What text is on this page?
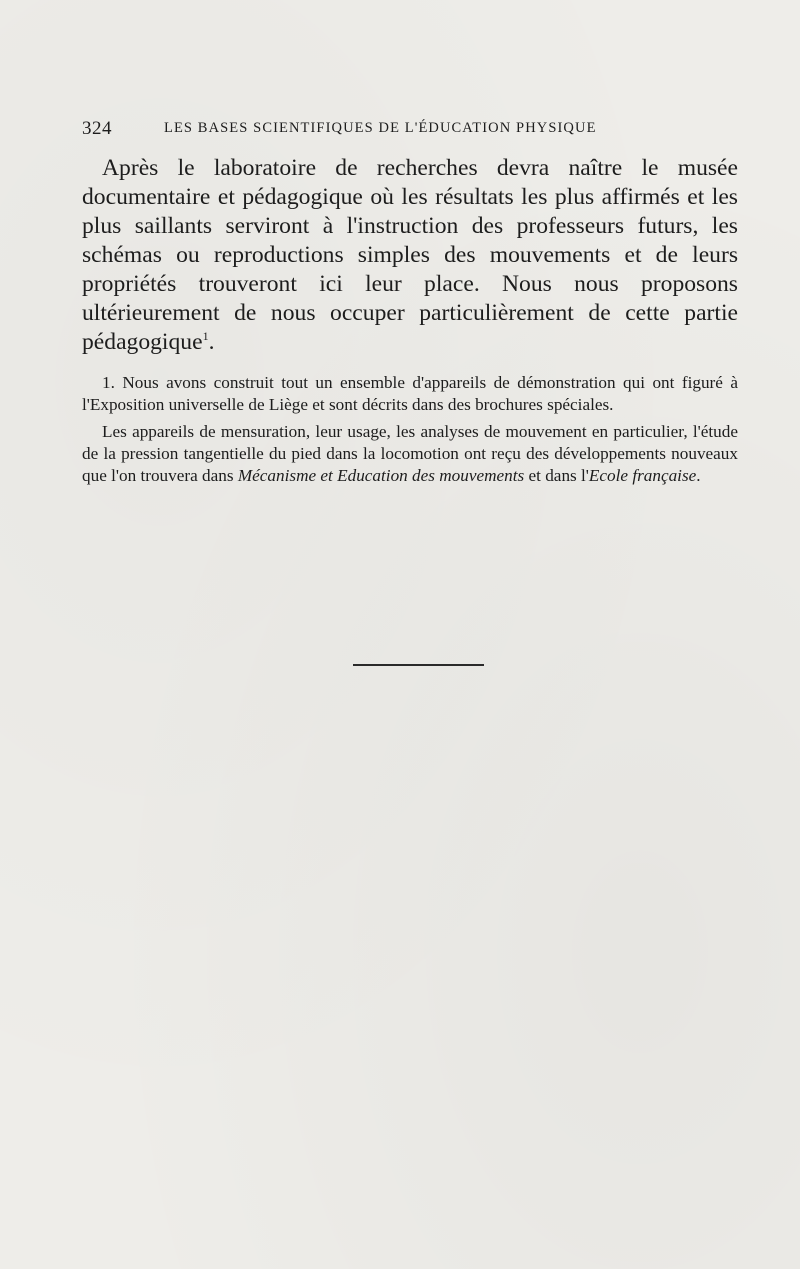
324	LES BASES SCIENTIFIQUES DE L'ÉDUCATION PHYSIQUE

Après le laboratoire de recherches devra naître le musée documentaire et pédagogique où les résultats les plus affirmés et les plus saillants serviront à l'instruction des professeurs futurs, les schémas ou reproductions simples des mouvements et de leurs propriétés trouveront ici leur place. Nous nous proposons ultérieurement de nous occuper particulièrement de cette partie pédagogique$^1$.

1. Nous avons construit tout un ensemble d'appareils de démonstration qui ont figuré à l'Exposition universelle de Liège et sont décrits dans des brochures spéciales.

Les appareils de mensuration, leur usage, les analyses de mouvement en particulier, l'étude de la pression tangentielle du pied dans la locomotion ont reçu des développements nouveaux que l'on trouvera dans Mécanisme et Education des mouvements et dans l'Ecole française.
